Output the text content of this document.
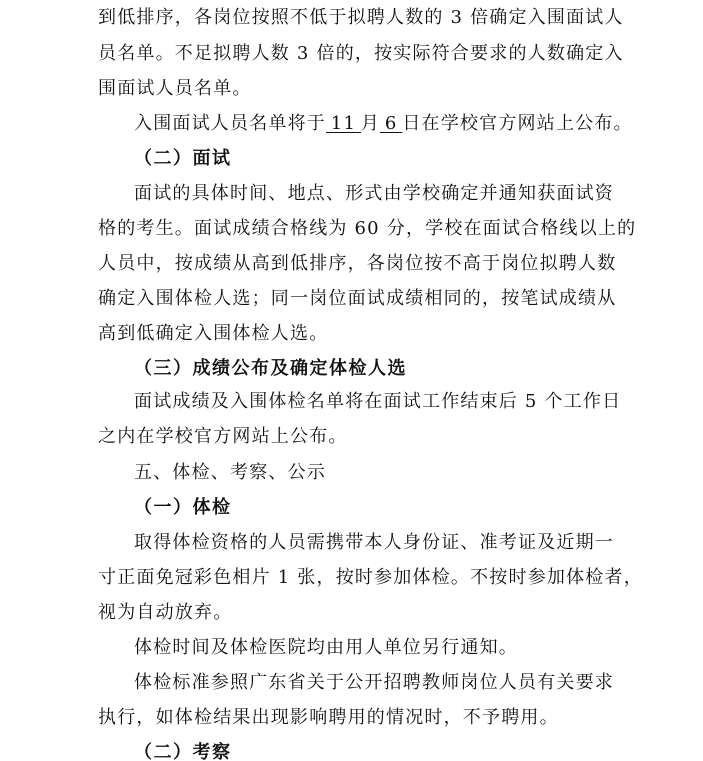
到低排序，各岗位按照不低于拟聘人数的 3 倍确定入围面试人
员名单。不足拟聘人数 3 倍的，按实际符合要求的人数确定入
围面试人员名单。
入围面试人员名单将于  11  月  6  日在学校官方网站上公布。
（二）面试
面试的具体时间、地点、形式由学校确定并通知获面试资
格的考生。面试成绩合格线为 60 分，学校在面试合格线以上的
人员中，按成绩从高到低排序，各岗位按不高于岗位拟聘人数
确定入围体检人选；同一岗位面试成绩相同的，按笔试成绩从
高到低确定入围体检人选。
（三）成绩公布及确定体检人选
面试成绩及入围体检名单将在面试工作结束后 5 个工作日
之内在学校官方网站上公布。
五、体检、考察、公示
（一）体检
取得体检资格的人员需携带本人身份证、准考证及近期一
寸正面免冠彩色相片 1 张，按时参加体检。不按时参加体检者，
视为自动放弃。
体检时间及体检医院均由用人单位另行通知。
体检标准参照广东省关于公开招聘教师岗位人员有关要求
执行，如体检结果出现影响聘用的情况时，不予聘用。
（二）考察
